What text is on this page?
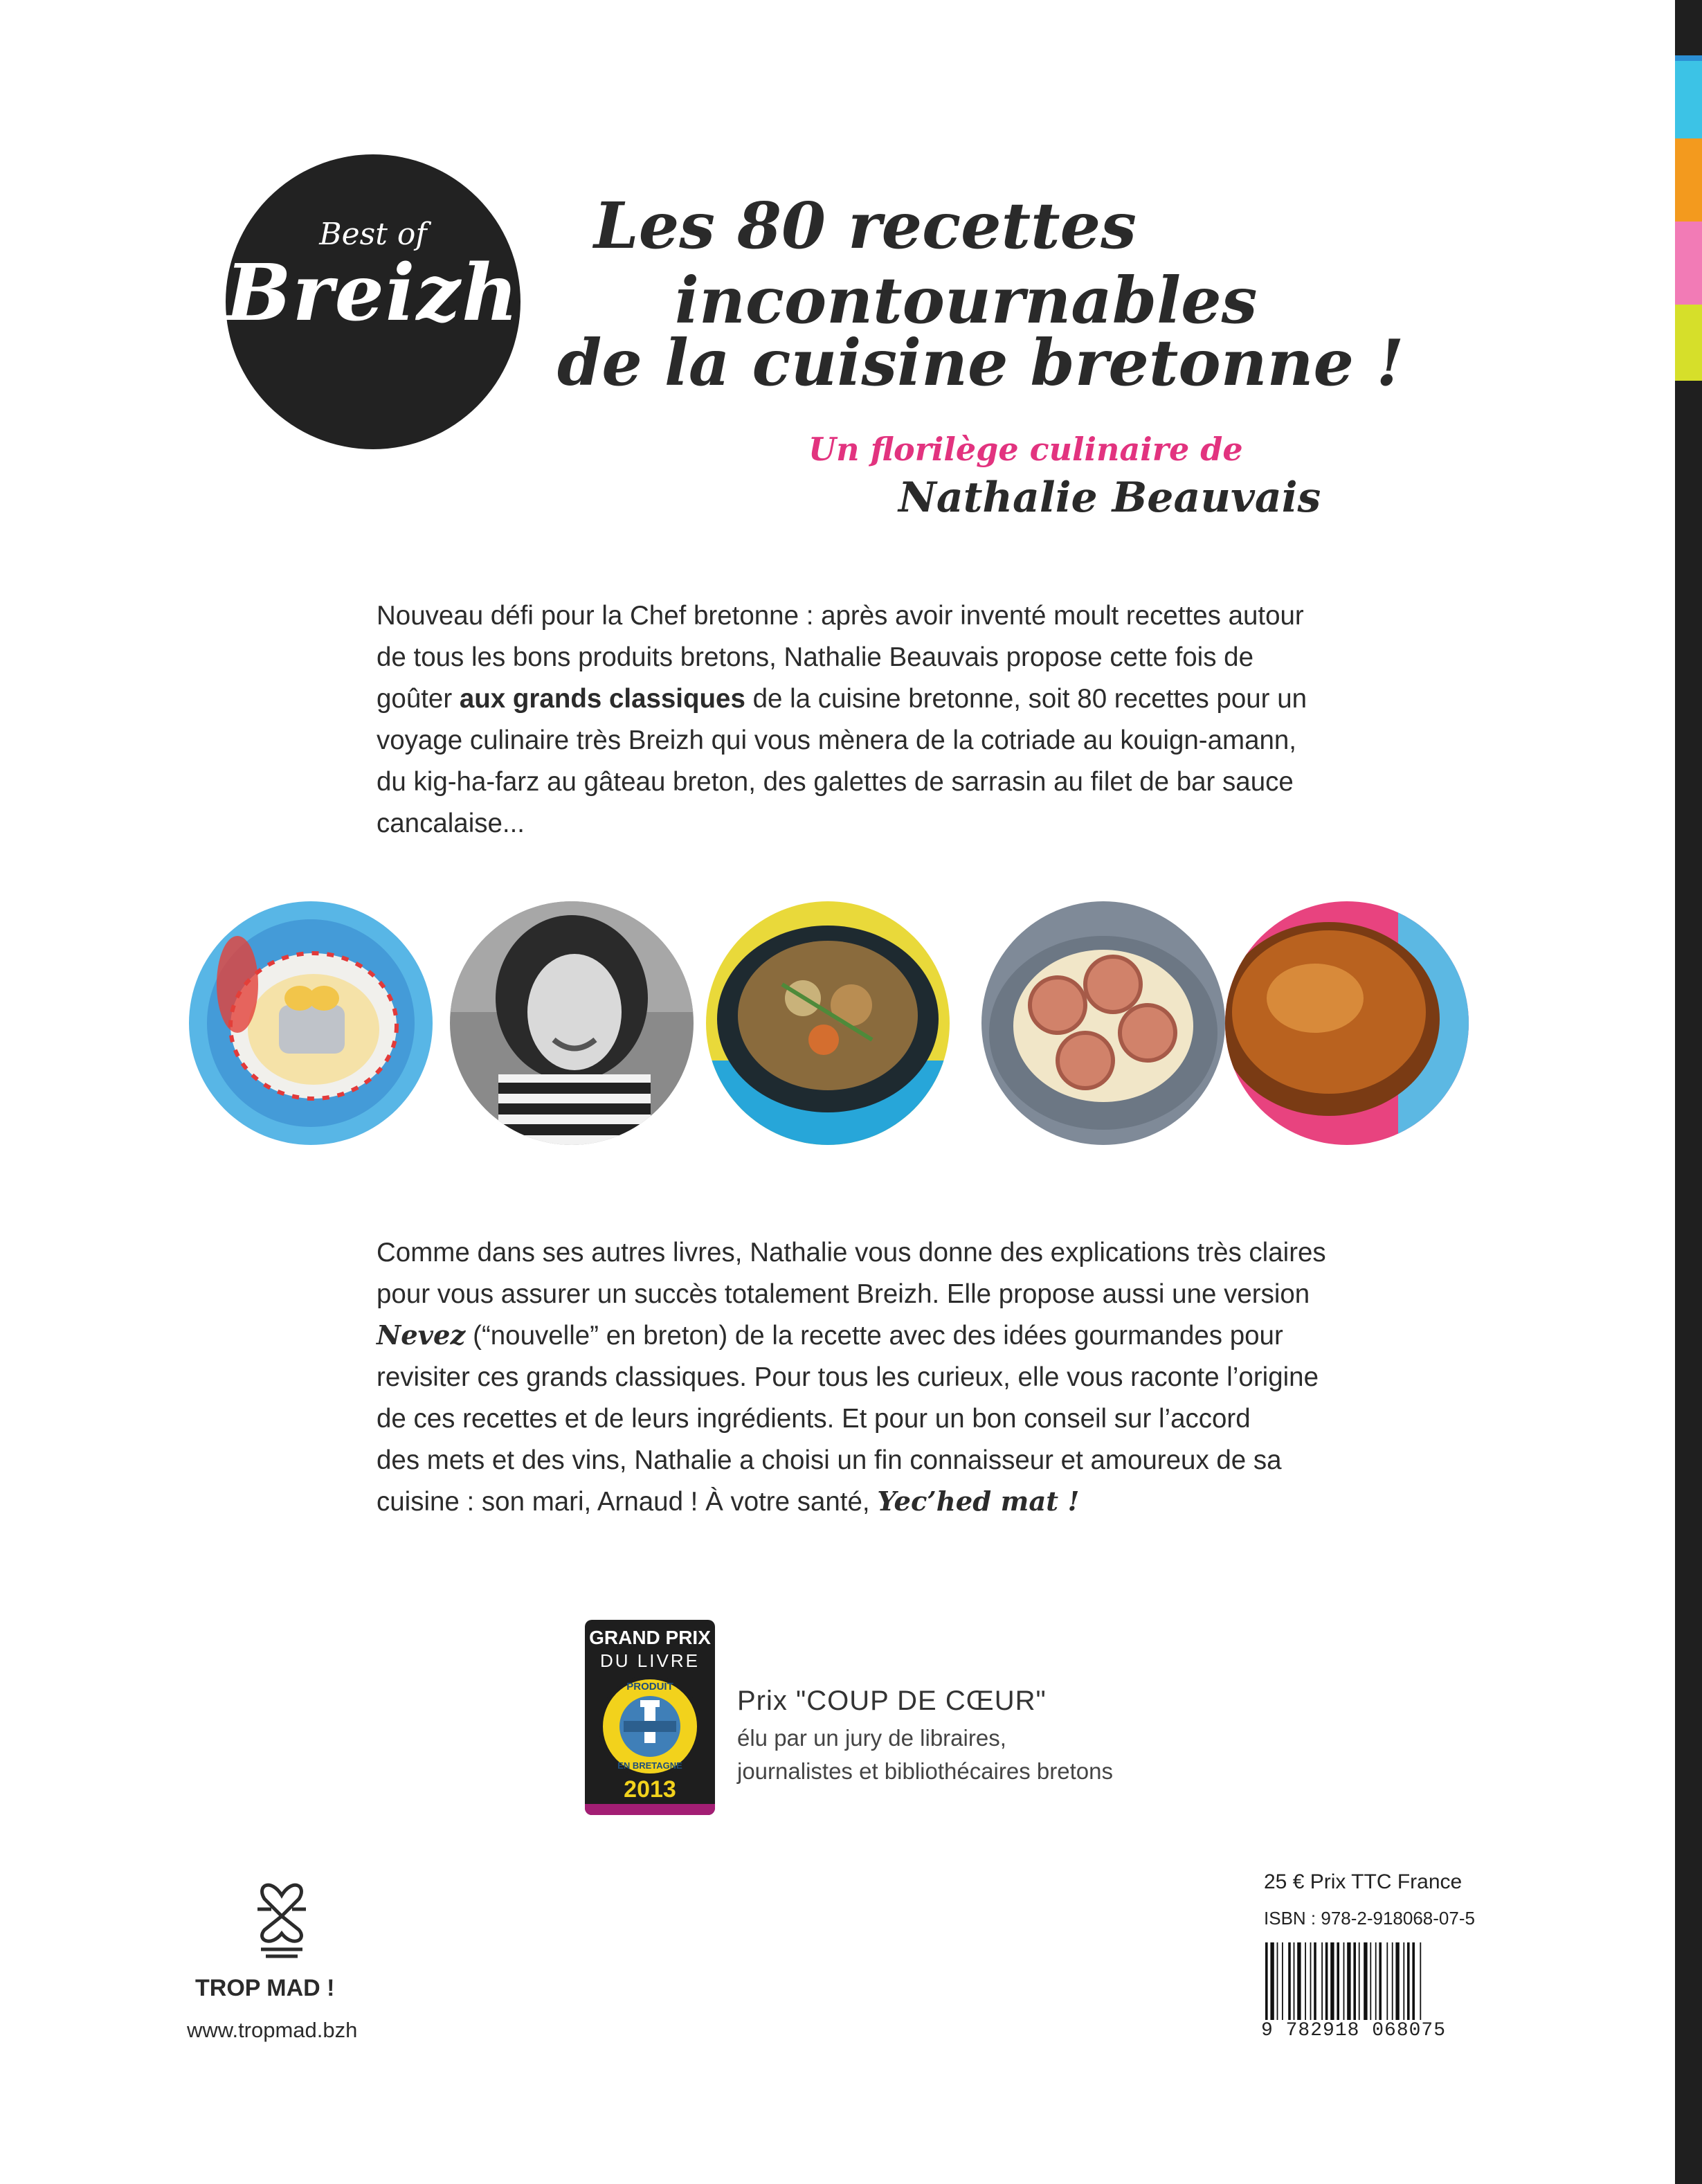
Best of
Breizh!
Les 80 recettes
incontournables
de la cuisine bretonne !
Un florilège culinaire de
Nathalie Beauvais

Nouveau défi pour la Chef bretonne : après avoir inventé moult recettes autour

de tous les bons produits bretons, Nathalie Beauvais propose cette fois de

goûter aux grands classiques de la cuisine bretonne, soit 80 recettes pour un

voyage culinaire très Breizh qui vous mènera de la cotriade au kouign-amann,

du kig-ha-farz au gâteau breton, des galettes de sarrasin au filet de bar sauce

cancalaise...

Comme dans ses autres livres, Nathalie vous donne des explications très claires

pour vous assurer un succès totalement Breizh. Elle propose aussi une version

Nevez (“nouvelle” en breton) de la recette avec des idées gourmandes pour

revisiter ces grands classiques. Pour tous les curieux, elle vous raconte l’origine

de ces recettes et de leurs ingrédients. Et pour un bon conseil sur l’accord

des mets et des vins, Nathalie a choisi un fin connaisseur et amoureux de sa

cuisine : son mari, Arnaud ! À votre santé, Yec’hed mat !

GRAND PRIX
DU LIVRE
PRODUIT
EN BRETAGNE
2013
Prix "COUP DE CŒUR"
élu par un jury de libraires,
journalistes et bibliothécaires bretons
TROP MAD !
www.tropmad.bzh
25 € Prix TTC France
ISBN : 978-2-918068-07-5
9 782918 068075
